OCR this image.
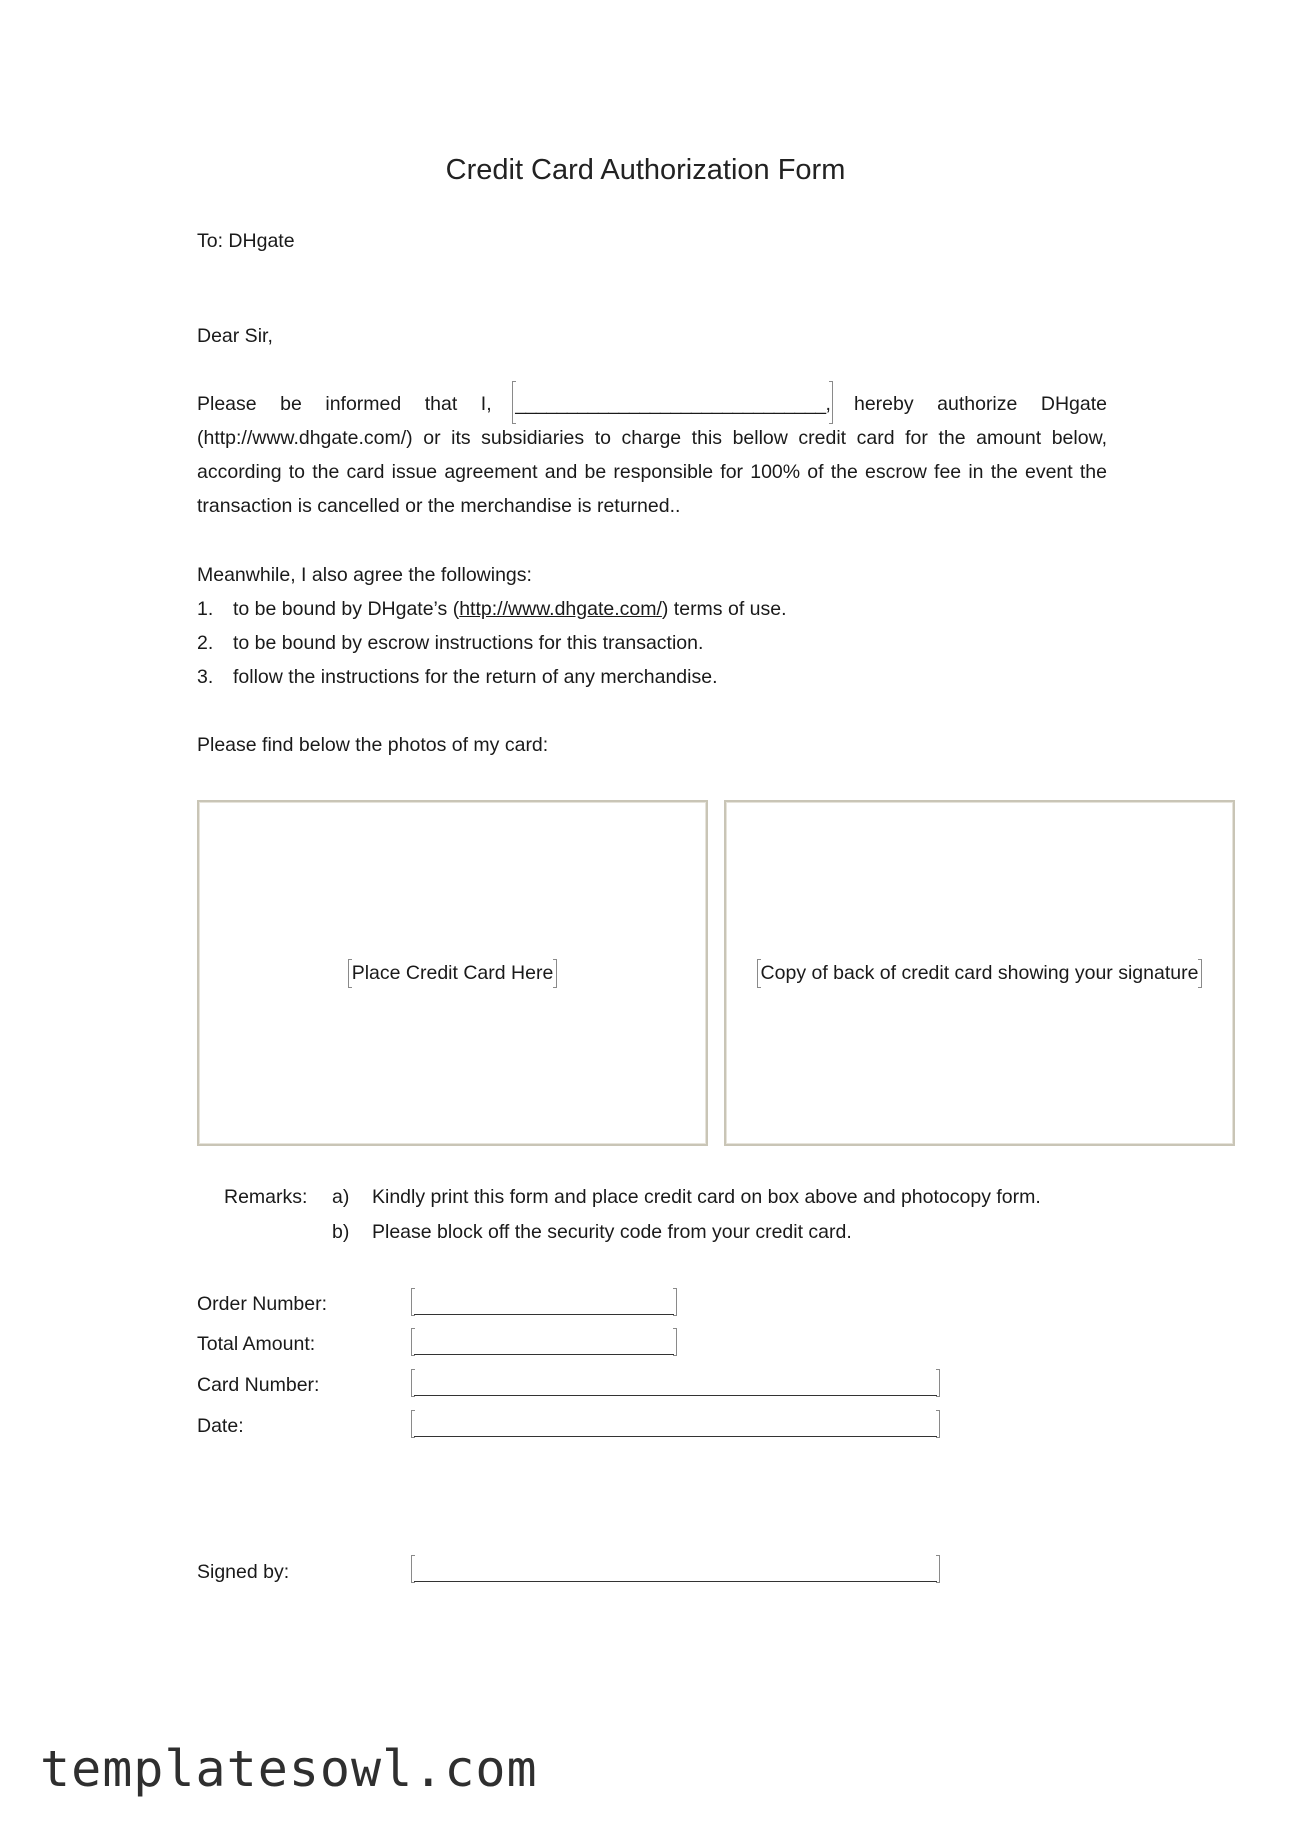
Credit Card Authorization Form
To: DHgate
Dear Sir,
Please be informed that I, ______________________________, hereby authorize DHgate (http://www.dhgate.com/) or its subsidiaries to charge this bellow credit card for the amount below, according to the card issue agreement and be responsible for 100% of the escrow fee in the event the transaction is cancelled or the merchandise is returned..
Meanwhile, I also agree the followings:
1. to be bound by DHgate’s (http://www.dhgate.com/) terms of use.
2. to be bound by escrow instructions for this transaction.
3. follow the instructions for the return of any merchandise.
Please find below the photos of my card:
Place Credit Card Here	Copy of back of credit card showing your signature
Remarks: a) Kindly print this form and place credit card on box above and photocopy form.
b) Please block off the security code from your credit card.
Order Number:
Total Amount:
Card Number:
Date:
Signed by:
templatesowl.com
